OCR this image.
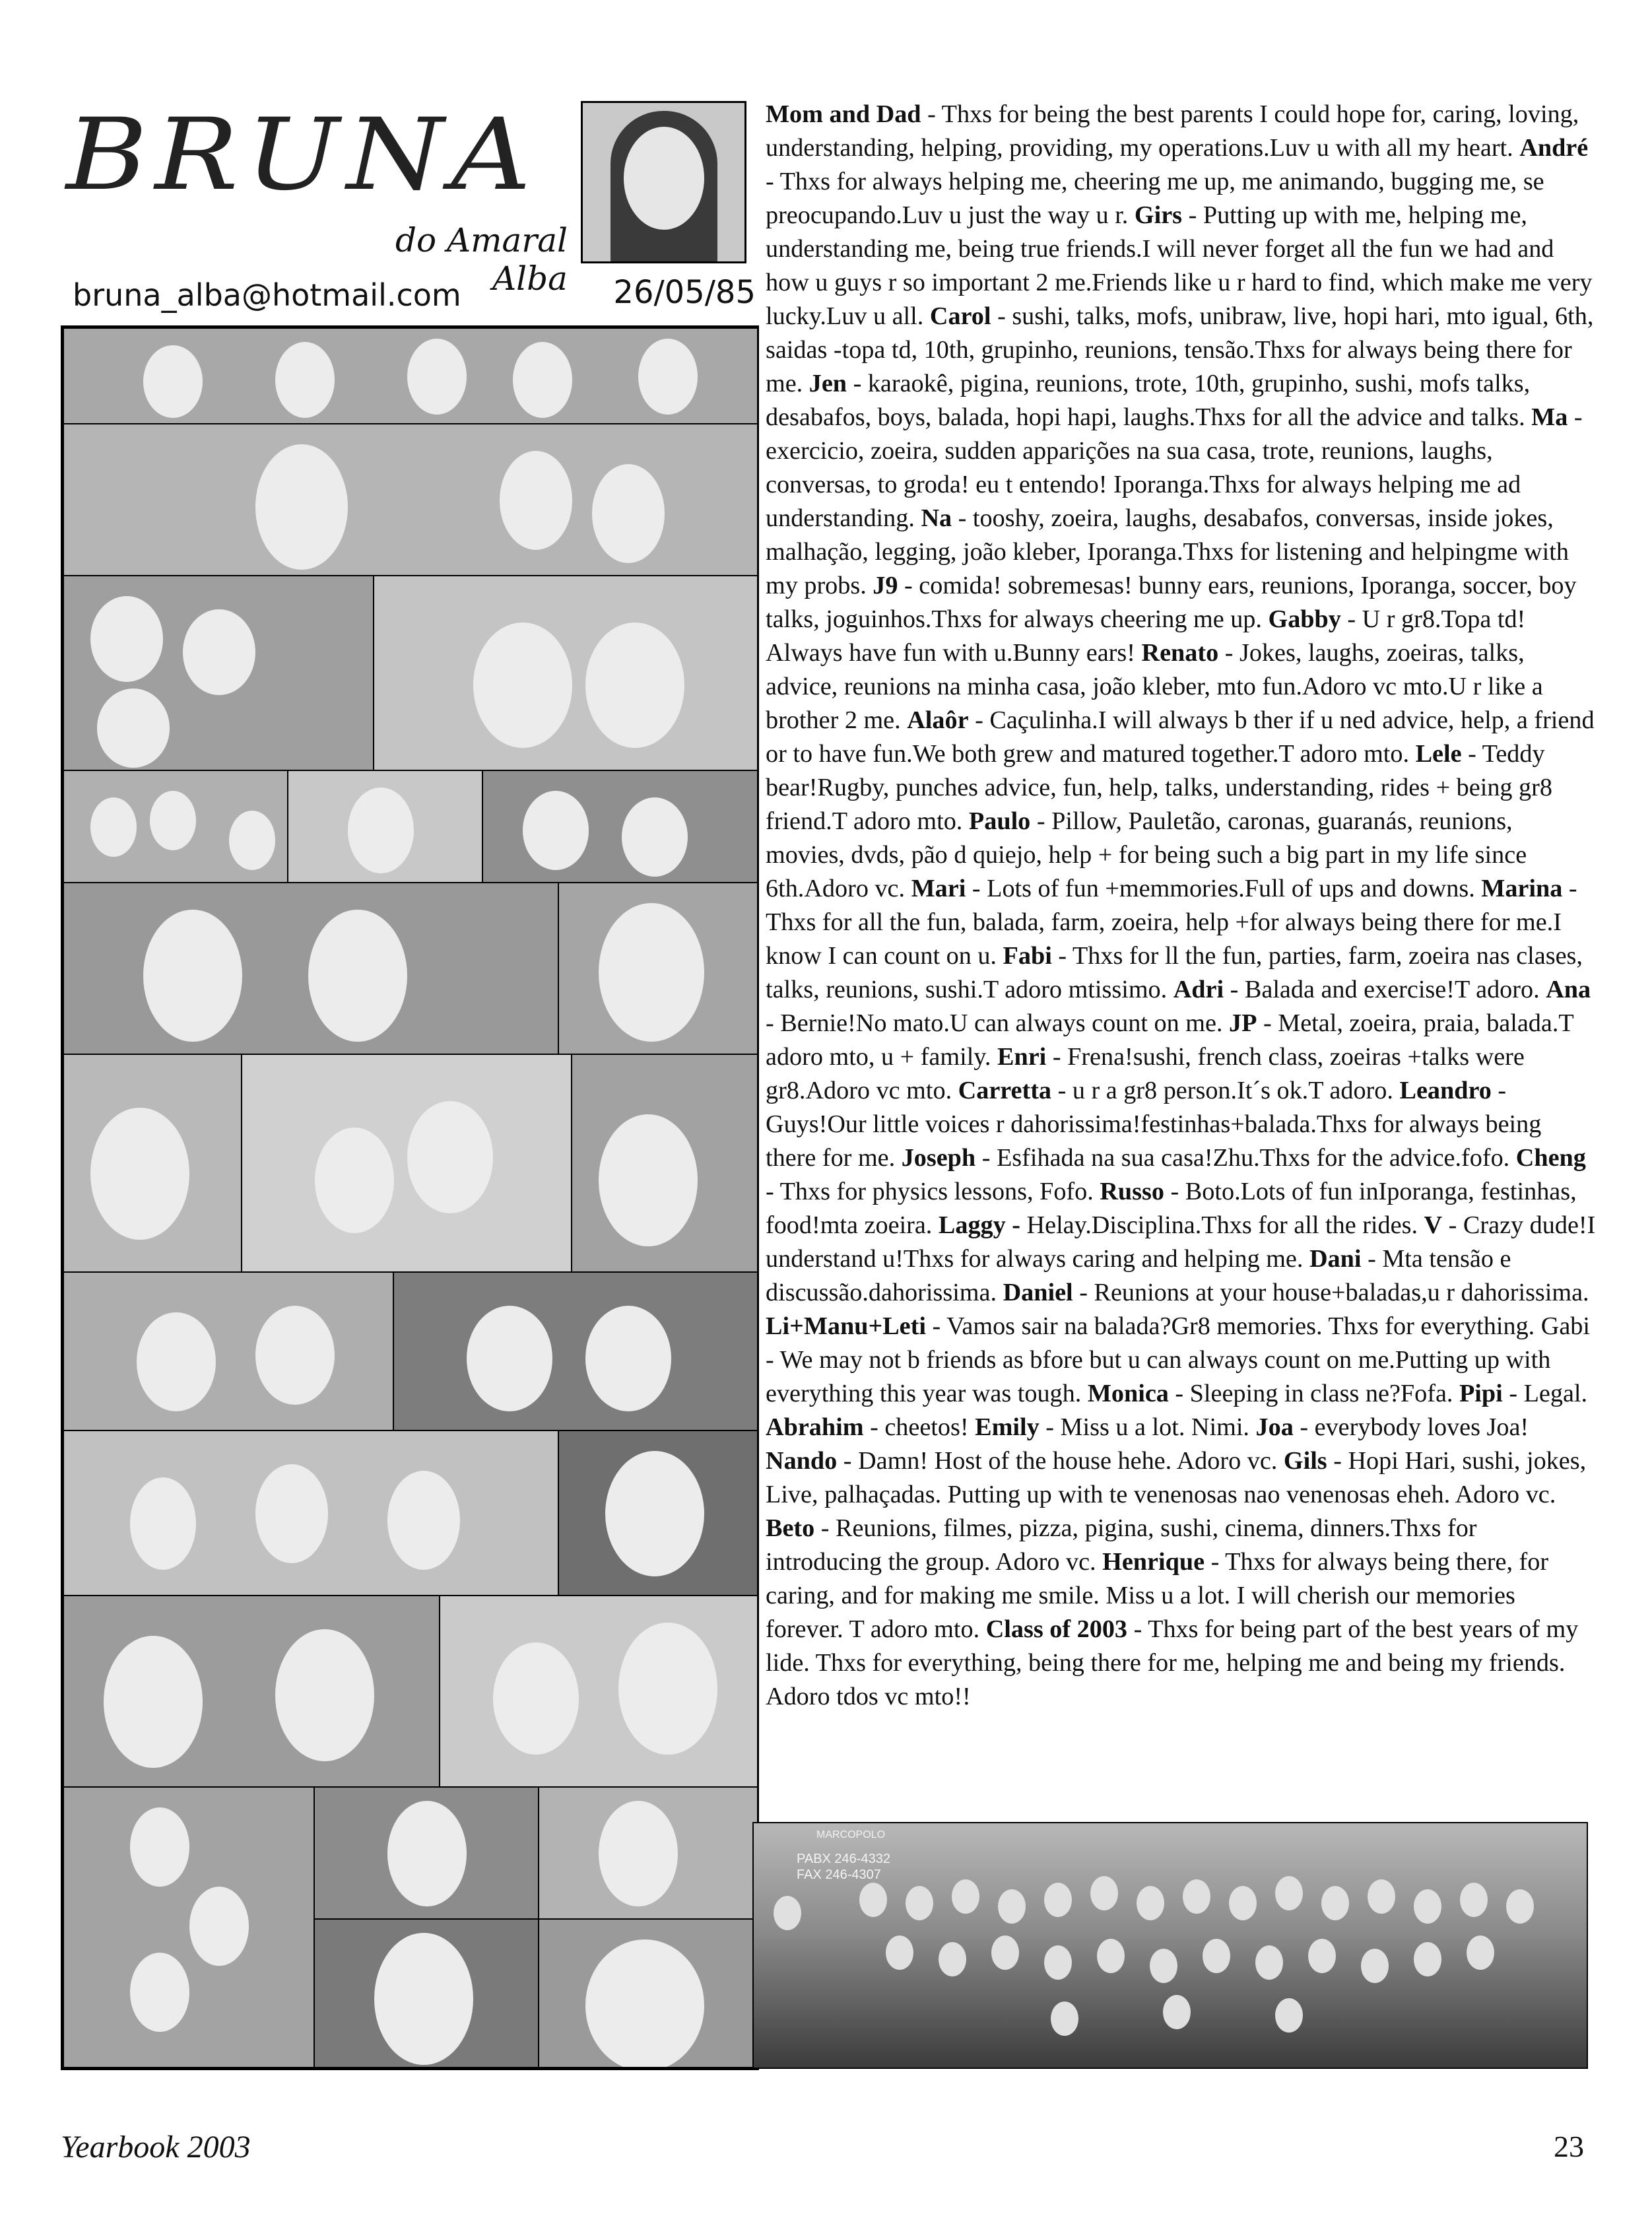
BRUNA
do Amaral Alba
bruna_alba@hotmail.com	26/05/85
Mom and Dad - Thxs for being the best parents I could hope for, caring, loving, understanding, helping, providing, my operations.Luv u with all my heart. André - Thxs for always helping me, cheering me up, me animando, bugging me, se preocupando.Luv u just the way u r. Girs - Putting up with me, helping me, understanding me, being true friends.I will never forget all the fun we had and how u guys r so important 2 me.Friends like u r hard to find, which make me very lucky.Luv u all. Carol - sushi, talks, mofs, unibraw, live, hopi hari, mto igual, 6th, saidas -topa td, 10th, grupinho, reunions, tensão.Thxs for always being there for me. Jen - karaokê, pigina, reunions, trote, 10th, grupinho, sushi, mofs talks, desabafos, boys, balada, hopi hapi, laughs.Thxs for all the advice and talks. Ma - exercicio, zoeira, sudden apparições na sua casa, trote, reunions, laughs, conversas, to groda! eu t entendo! Iporanga.Thxs for always helping me ad understanding. Na - tooshy, zoeira, laughs, desabafos, conversas, inside jokes, malhação, legging, joão kleber, Iporanga.Thxs for listening and helpingme with my probs. J9 - comida! sobremesas! bunny ears, reunions, Iporanga, soccer, boy talks, joguinhos.Thxs for always cheering me up. Gabby - U r gr8.Topa td! Always have fun with u.Bunny ears! Renato - Jokes, laughs, zoeiras, talks, advice, reunions na minha casa, joão kleber, mto fun.Adoro vc mto.U r like a brother 2 me. Alaôr - Caçulinha.I will always b ther if u ned advice, help, a friend or to have fun.We both grew and matured together.T adoro mto. Lele - Teddy bear!Rugby, punches advice, fun, help, talks, understanding, rides + being gr8 friend.T adoro mto. Paulo - Pillow, Pauletão, caronas, guaranás, reunions, movies, dvds, pão d quiejo, help + for being such a big part in my life since 6th.Adoro vc. Mari - Lots of fun +memmories.Full of ups and downs. Marina - Thxs for all the fun, balada, farm, zoeira, help +for always being there for me.I know I can count on u. Fabi - Thxs for ll the fun, parties, farm, zoeira nas clases, talks, reunions, sushi.T adoro mtissimo. Adri - Balada and exercise!T adoro. Ana - Bernie!No mato.U can always count on me. JP - Metal, zoeira, praia, balada.T adoro mto, u + family. Enri - Frena!sushi, french class, zoeiras +talks were gr8.Adoro vc mto. Carretta - u r a gr8 person.It´s ok.T adoro. Leandro - Guys!Our little voices r dahorissima!festinhas+balada.Thxs for always being there for me. Joseph - Esfihada na sua casa!Zhu.Thxs for the advice.fofo. Cheng - Thxs for physics lessons, Fofo. Russo - Boto.Lots of fun inIporanga, festinhas, food!mta zoeira. Laggy - Helay.Disciplina.Thxs for all the rides. V - Crazy dude!I understand u!Thxs for always caring and helping me. Dani - Mta tensão e discussão.dahorissima. Daniel - Reunions at your house+baladas,u r dahorissima. Li+Manu+Leti - Vamos sair na balada?Gr8 memories. Thxs for everything. Gabi - We may not b friends as bfore but u can always count on me.Putting up with everything this year was tough. Monica - Sleeping in class ne?Fofa. Pipi - Legal. Abrahim - cheetos! Emily - Miss u a lot. Nimi. Joa - everybody loves Joa! Nando - Damn! Host of the house hehe. Adoro vc. Gils - Hopi Hari, sushi, jokes, Live, palhaçadas. Putting up with te venenosas nao venenosas eheh. Adoro vc. Beto - Reunions, filmes, pizza, pigina, sushi, cinema, dinners.Thxs for introducing the group. Adoro vc. Henrique - Thxs for always being there, for caring, and for making me smile. Miss u a lot. I will cherish our memories forever. T adoro mto. Class of 2003 - Thxs for being part of the best years of my lide. Thxs for everything, being there for me, helping me and being my friends. Adoro tdos vc mto!!
MARCOPOLO
PABX 246-4332
FAX 246-4307
Yearbook 2003	23
